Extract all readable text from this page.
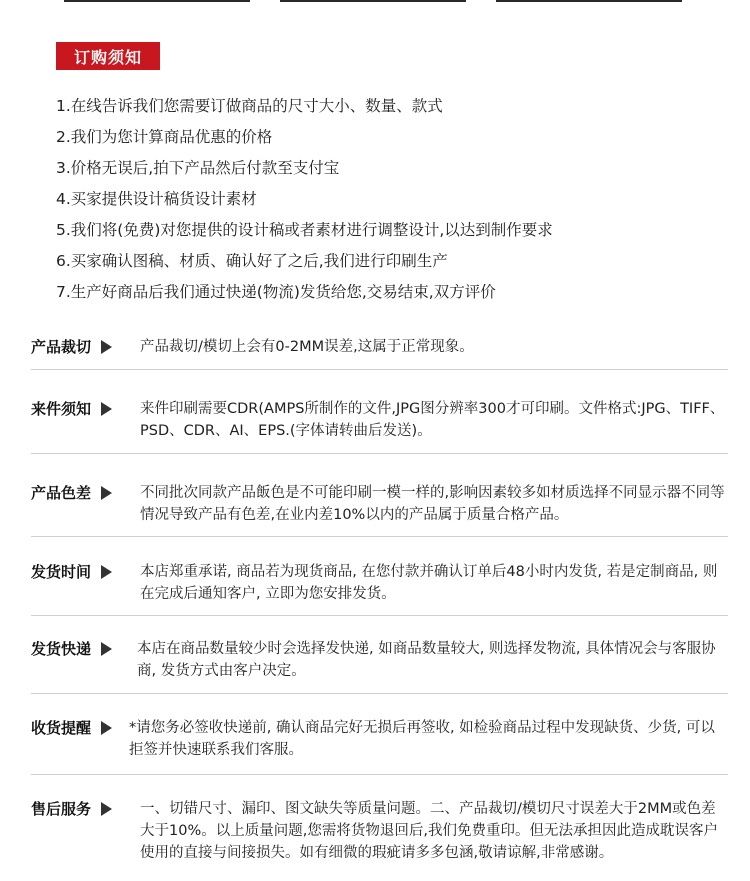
订购须知
1.在线告诉我们您需要订做商品的尺寸大小、数量、款式
2.我们为您计算商品优惠的价格
3.价格无误后,拍下产品然后付款至支付宝
4.买家提供设计稿货设计素材
5.我们将(免费)对您提供的设计稿或者素材进行调整设计,以达到制作要求
6.买家确认图稿、材质、确认好了之后,我们进行印刷生产
7.生产好商品后我们通过快递(物流)发货给您,交易结束,双方评价
产品裁切	产品裁切/模切上会有0-2MM误差,这属于正常现象。
来件须知	来件印刷需要CDR(AMPS所制作的文件,JPG图分辨率300才可印刷。文件格式:JPG、TIFF、PSD、CDR、AI、EPS.(字体请转曲后发送)。
产品色差	不同批次同款产品飯色是不可能印刷一模一样的,影响因素较多如材质选择不同显示器不同等情况导致产品有色差,在业内差10%以内的产品属于质量合格产品。
发货时间	本店郑重承诺, 商品若为现货商品, 在您付款并确认订单后48小时内发货, 若是定制商品, 则在完成后通知客户, 立即为您安排发货。
发货快递	本店在商品数量较少时会选择发快递, 如商品数量较大, 则选择发物流, 具体情况会与客服协商, 发货方式由客户决定。
收货提醒	*请您务必签收快递前, 确认商品完好无损后再签收, 如检验商品过程中发现缺货、少货, 可以拒签并快速联系我们客服。
售后服务	一、切错尺寸、漏印、图文缺失等质量问题。二、产品裁切/模切尺寸误差大于2MM或色差大于10%。以上质量问题,您需将货物退回后,我们免费重印。但无法承担因此造成耽误客户使用的直接与间接损失。如有细微的瑕疵请多多包涵,敬请谅解,非常感谢。
